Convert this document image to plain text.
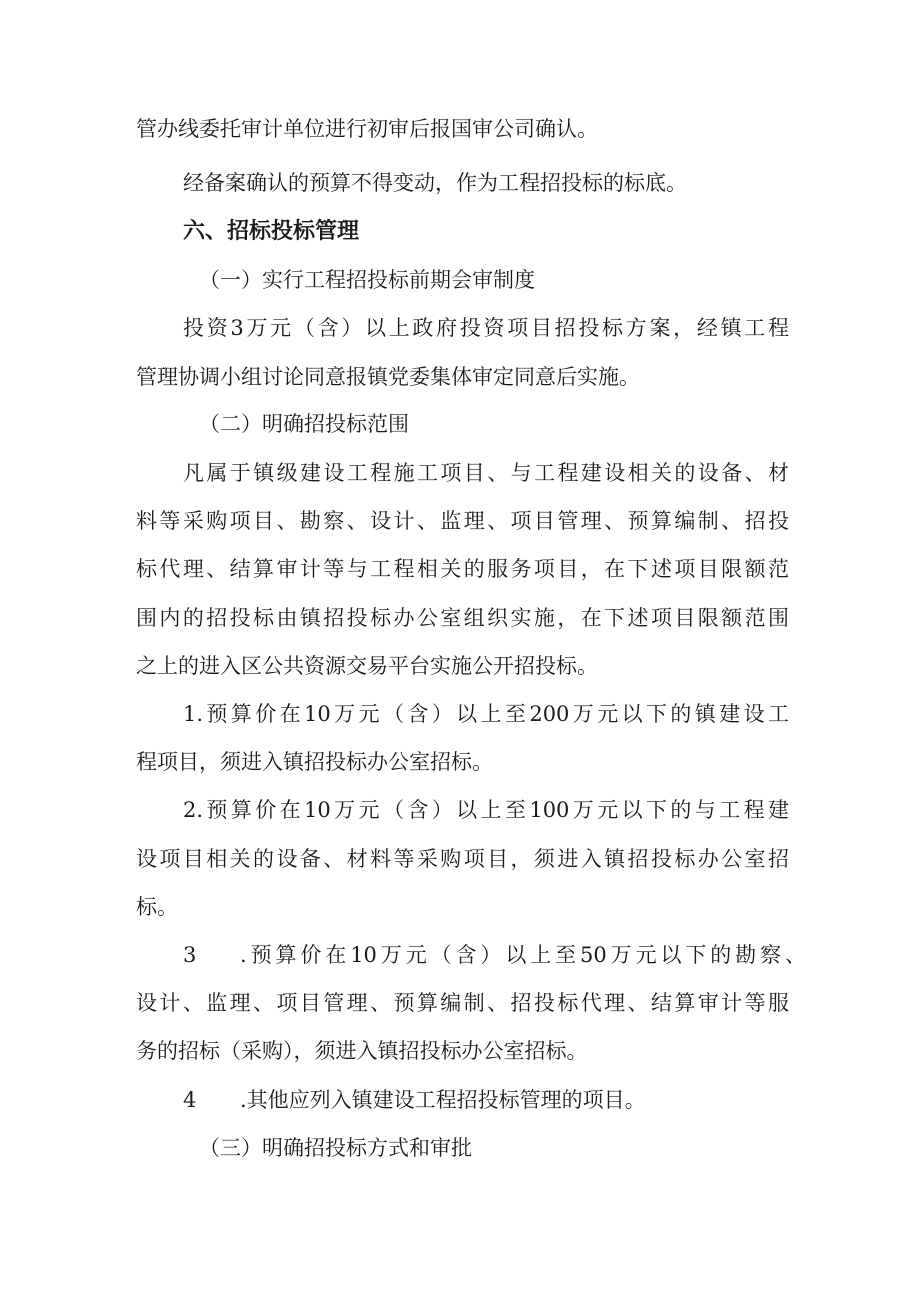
管办线委托审计单位进行初审后报国审公司确认。
经备案确认的预算不得变动，作为工程招投标的标底。
六、招标投标管理
（一）实行工程招投标前期会审制度
投资3万元（含）以上政府投资项目招投标方案，经镇工程
管理协调小组讨论同意报镇党委集体审定同意后实施。
（二）明确招投标范围
凡属于镇级建设工程施工项目、与工程建设相关的设备、材
料等采购项目、勘察、设计、监理、项目管理、预算编制、招投
标代理、结算审计等与工程相关的服务项目，在下述项目限额范
围内的招投标由镇招投标办公室组织实施，在下述项目限额范围
之上的进入区公共资源交易平台实施公开招投标。
1.预算价在10万元（含）以上至200万元以下的镇建设工
程项目，须进入镇招投标办公室招标。
2.预算价在10万元（含）以上至100万元以下的与工程建
设项目相关的设备、材料等采购项目，须进入镇招投标办公室招
标。
3 .预算价在10万元（含）以上至50万元以下的勘察、
设计、监理、项目管理、预算编制、招投标代理、结算审计等服
务的招标（采购），须进入镇招投标办公室招标。
4 .其他应列入镇建设工程招投标管理的项目。
（三）明确招投标方式和审批
